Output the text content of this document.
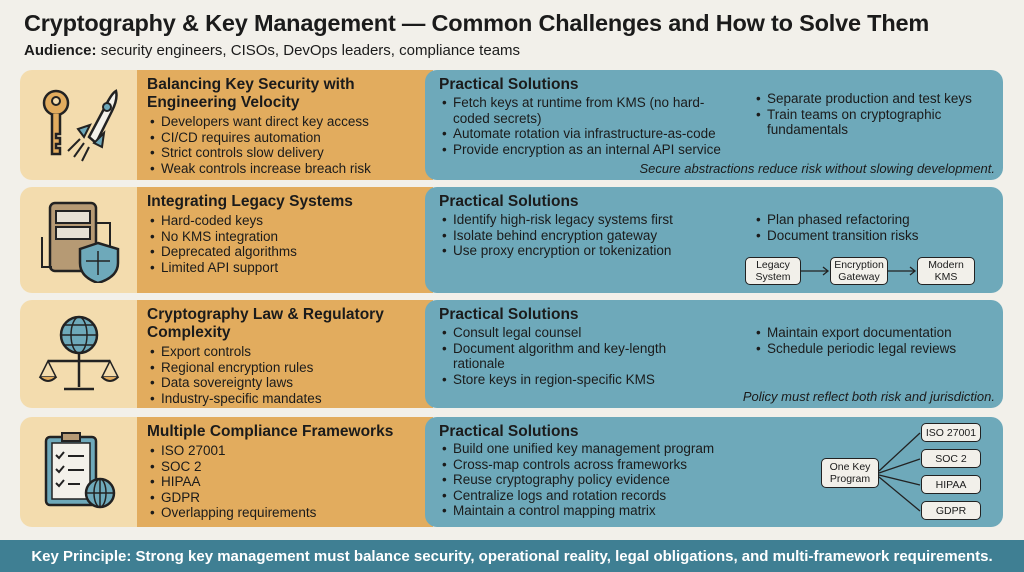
Cryptography & Key Management — Common Challenges and How to Solve Them
Audience: security engineers, CISOs, DevOps leaders, compliance teams
Balancing Key Security with Engineering Velocity
• Developers want direct key access
• CI/CD requires automation
• Strict controls slow delivery
• Weak controls increase breach risk
Practical Solutions
• Fetch keys at runtime from KMS (no hard-coded secrets)
• Automate rotation via infrastructure-as-code
• Provide encryption as an internal API service
• Separate production and test keys
• Train teams on cryptographic fundamentals
Secure abstractions reduce risk without slowing development.
Integrating Legacy Systems
• Hard-coded keys
• No KMS integration
• Deprecated algorithms
• Limited API support
Practical Solutions
• Identify high-risk legacy systems first
• Isolate behind encryption gateway
• Use proxy encryption or tokenization
• Plan phased refactoring
• Document transition risks
Legacy System
Encryption Gateway
Modern KMS
Cryptography Law & Regulatory Complexity
• Export controls
• Regional encryption rules
• Data sovereignty laws
• Industry-specific mandates
Practical Solutions
• Consult legal counsel
• Document algorithm and key-length rationale
• Store keys in region-specific KMS
• Maintain export documentation
• Schedule periodic legal reviews
Policy must reflect both risk and jurisdiction.
Multiple Compliance Frameworks
• ISO 27001
• SOC 2
• HIPAA
• GDPR
• Overlapping requirements
Practical Solutions
• Build one unified key management program
• Cross-map controls across frameworks
• Reuse cryptography policy evidence
• Centralize logs and rotation records
• Maintain a control mapping matrix
One Key Program
ISO 27001
SOC 2
HIPAA
GDPR
Key Principle: Strong key management must balance security, operational reality, legal obligations, and multi-framework requirements.
